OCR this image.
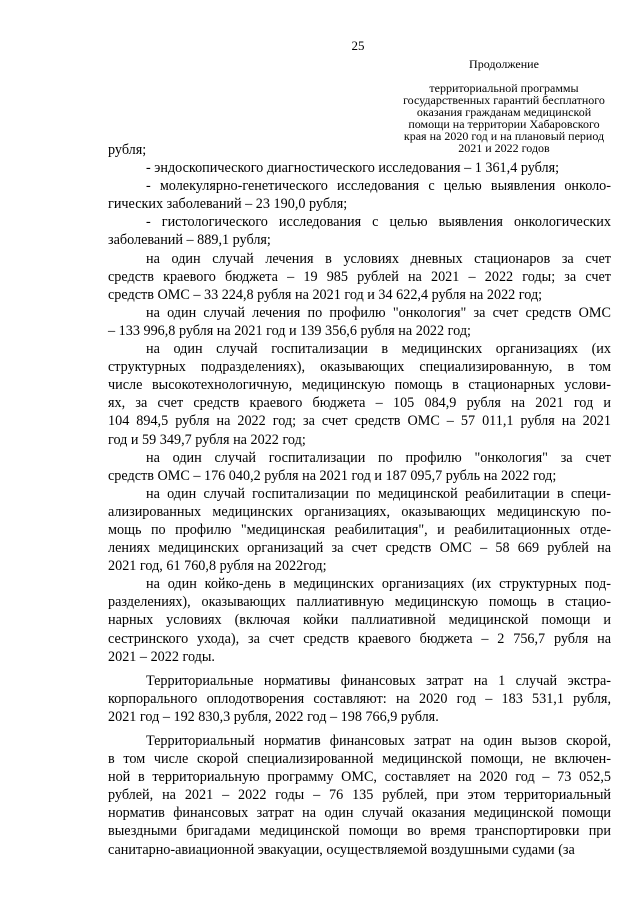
25
Продолжение
территориальной программы
государственных гарантий бесплатного
оказания гражданам медицинской
помощи на территории Хабаровского
края на 2020 год и на плановый период
2021 и 2022 годов
рубля;
- эндоскопического диагностического исследования – 1 361,4 рубля;
- молекулярно-генетического исследования с целью выявления онколо-
гических заболеваний – 23 190,0 рубля;
- гистологического исследования с целью выявления онкологических
заболеваний – 889,1 рубля;
на один случай лечения в условиях дневных стационаров за счет
средств краевого бюджета – 19 985 рублей на 2021 – 2022 годы; за счет
средств ОМС – 33 224,8 рубля на 2021 год и 34 622,4 рубля на 2022 год;
на один случай лечения по профилю "онкология" за счет средств ОМС
– 133 996,8 рубля на 2021 год и 139 356,6 рубля на 2022 год;
на один случай госпитализации в медицинских организациях (их
структурных подразделениях), оказывающих специализированную, в том
числе высокотехнологичную, медицинскую помощь в стационарных услови-
ях, за счет средств краевого бюджета – 105 084,9 рубля на 2021 год и
104 894,5 рубля на 2022 год; за счет средств ОМС – 57 011,1 рубля на 2021
год и 59 349,7 рубля на 2022 год;
на один случай госпитализации по профилю "онкология" за счет
средств ОМС – 176 040,2 рубля на 2021 год и 187 095,7 рубль на 2022 год;
на один случай госпитализации по медицинской реабилитации в специ-
ализированных медицинских организациях, оказывающих медицинскую по-
мощь по профилю "медицинская реабилитация", и реабилитационных отде-
лениях медицинских организаций за счет средств ОМС – 58 669 рублей на
2021 год, 61 760,8 рубля на 2022год;
на один койко-день в медицинских организациях (их структурных под-
разделениях), оказывающих паллиативную медицинскую помощь в стацио-
нарных условиях (включая койки паллиативной медицинской помощи и
сестринского ухода), за счет средств краевого бюджета – 2 756,7 рубля на
2021 – 2022 годы.
Территориальные нормативы финансовых затрат на 1 случай экстра-
корпорального оплодотворения составляют: на 2020 год – 183 531,1 рубля,
2021 год – 192 830,3 рубля, 2022 год – 198 766,9 рубля.
Территориальный норматив финансовых затрат на один вызов скорой,
в том числе скорой специализированной медицинской помощи, не включен-
ной в территориальную программу ОМС, составляет на 2020 год – 73 052,5
рублей, на 2021 – 2022 годы – 76 135 рублей, при этом территориальный
норматив финансовых затрат на один случай оказания медицинской помощи
выездными бригадами медицинской помощи во время транспортировки при
санитарно-авиационной эвакуации, осуществляемой воздушными судами (за
